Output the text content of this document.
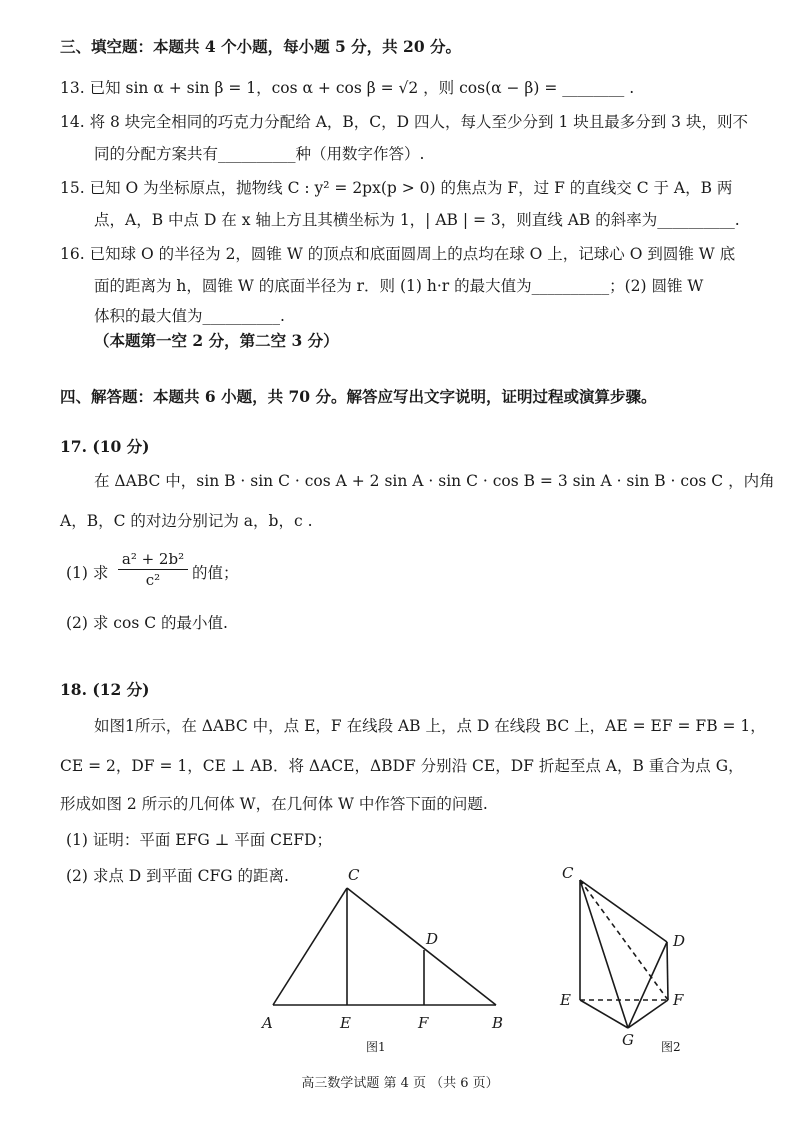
三、填空题：本题共 4 个小题，每小题 5 分，共 20 分。
13. 已知 sin α + sin β = 1，cos α + cos β = √2 ，则 cos(α − β) = ________ .
14. 将 8 块完全相同的巧克力分配给 A，B，C，D 四人，每人至少分到 1 块且最多分到 3 块，则不
同的分配方案共有__________种（用数字作答）.
15. 已知 O 为坐标原点，抛物线 C : y² = 2px(p > 0) 的焦点为 F，过 F 的直线交 C 于 A，B 两
点，A，B 中点 D 在 x 轴上方且其横坐标为 1，| AB | = 3，则直线 AB 的斜率为__________.
16. 已知球 O 的半径为 2，圆锥 W 的顶点和底面圆周上的点均在球 O 上，记球心 O 到圆锥 W 底
面的距离为 h，圆锥 W 的底面半径为 r．则 (1) h·r 的最大值为__________；(2) 圆锥 W
体积的最大值为__________.
（本题第一空 2 分，第二空 3 分）
四、解答题：本题共 6 小题，共 70 分。解答应写出文字说明，证明过程或演算步骤。
17. (10 分)
在 ΔABC 中，sin B · sin C · cos A + 2 sin A · sin C · cos B = 3 sin A · sin B · cos C ，内角
A，B，C 的对边分别记为 a，b，c .
(1) 求 $\frac{\text{a² + 2b²}}{\text{c²}}$ 的值；
(2) 求 cos C 的最小值.
18. (12 分)
如图1所示，在 ΔABC 中，点 E，F 在线段 AB 上，点 D 在线段 BC 上，AE = EF = FB = 1，
CE = 2，DF = 1，CE ⊥ AB．将 ΔACE，ΔBDF 分别沿 CE，DF 折起至点 A，B 重合为点 G，
形成如图 2 所示的几何体 W，在几何体 W 中作答下面的问题.
(1) 证明：平面 EFG ⊥ 平面 CEFD；
(2) 求点 D 到平面 CFG 的距离.	C
D
A	E	F	B
图1
C
D
E	F
G 图2
高三数学试题 第 4 页 （共 6 页）
